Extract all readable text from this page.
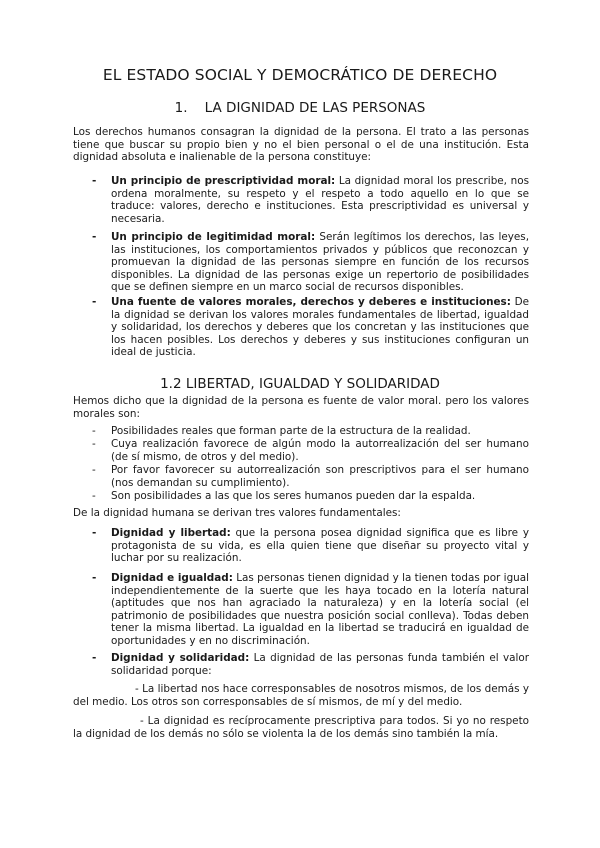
EL ESTADO SOCIAL Y DEMOCRÁTICO DE DERECHO
1.    LA DIGNIDAD DE LAS PERSONAS
Los derechos humanos consagran la dignidad de la persona. El trato a las personas tiene que buscar su propio bien y no el bien personal o el de una institución. Esta dignidad absoluta e inalienable de la persona constituye:
- Un principio de prescriptividad moral: La dignidad moral los prescribe, nos ordena moralmente, su respeto y el respeto a todo aquello en lo que se traduce: valores, derecho e instituciones. Esta prescriptividad es universal y necesaria.
- Un principio de legitimidad moral: Serán legítimos los derechos, las leyes, las instituciones, los comportamientos privados y públicos que reconozcan y promuevan la dignidad de las personas siempre en función de los recursos disponibles. La dignidad de las personas exige un repertorio de posibilidades que se definen siempre en un marco social de recursos disponibles.
- Una fuente de valores morales, derechos y deberes e instituciones: De la dignidad se derivan los valores morales fundamentales de libertad, igualdad y solidaridad, los derechos y deberes que los concretan y las instituciones que los hacen posibles. Los derechos y deberes y sus instituciones configuran un ideal de justicia.
1.2 LIBERTAD, IGUALDAD Y SOLIDARIDAD
Hemos dicho que la dignidad de la persona es fuente de valor moral. pero los valores morales son:
- Posibilidades reales que forman parte de la estructura de la realidad.
- Cuya realización favorece de algún modo la autorrealización del ser humano (de sí mismo, de otros y del medio).
- Por favor favorecer su autorrealización son prescriptivos para el ser humano (nos demandan su cumplimiento).
- Son posibilidades a las que los seres humanos pueden dar la espalda.
De la dignidad humana se derivan tres valores fundamentales:
- Dignidad y libertad: que la persona posea dignidad significa que es libre y protagonista de su vida, es ella quien tiene que diseñar su proyecto vital y luchar por su realización.
- Dignidad e igualdad: Las personas tienen dignidad y la tienen todas por igual independientemente de la suerte que les haya tocado en la lotería natural (aptitudes que nos han agraciado la naturaleza) y en la lotería social (el patrimonio de posibilidades que nuestra posición social conlleva). Todas deben tener la misma libertad. La igualdad en la libertad se traducirá en igualdad de oportunidades y en no discriminación.
- Dignidad y solidaridad: La dignidad de las personas funda también el valor solidaridad porque:
- La libertad nos hace corresponsables de nosotros mismos, de los demás y del medio. Los otros son corresponsables de sí mismos, de mí y del medio.
- La dignidad es recíprocamente prescriptiva para todos. Si yo no respeto la dignidad de los demás no sólo se violenta la de los demás sino también la mía.
